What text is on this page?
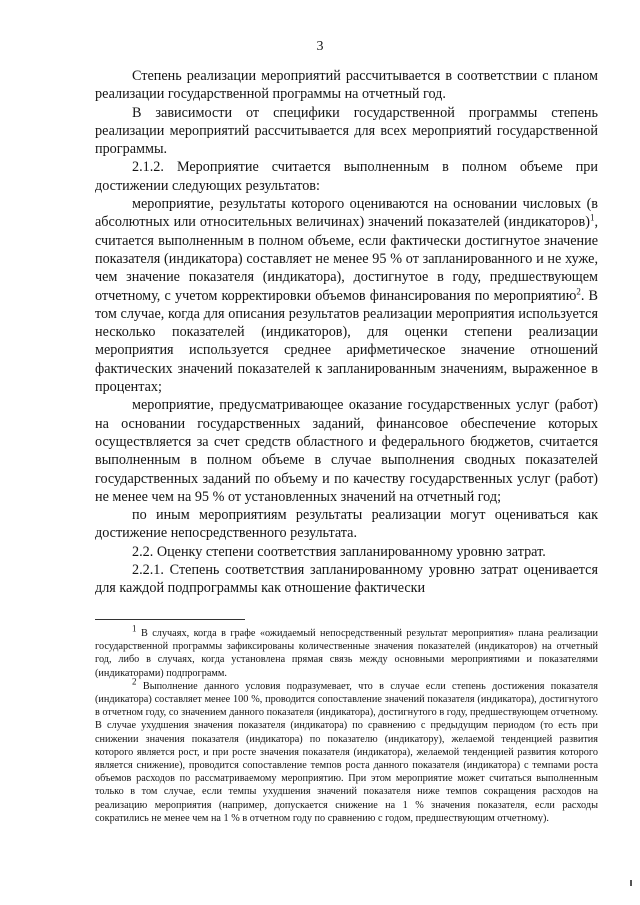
3

Степень реализации мероприятий рассчитывается в соответствии с планом реализации государственной программы на отчетный год.

В зависимости от специфики государственной программы степень реализации мероприятий рассчитывается для всех мероприятий государственной программы.

2.1.2. Мероприятие считается выполненным в полном объеме при достижении следующих результатов:

мероприятие, результаты которого оцениваются на основании числовых (в абсолютных или относительных величинах) значений показателей (индикаторов)$^1$, считается выполненным в полном объеме, если фактически достигнутое значение показателя (индикатора) составляет не менее 95 % от запланированного и не хуже, чем значение показателя (индикатора), достигнутое в году, предшествующем отчетному, с учетом корректировки объемов финансирования по мероприятию$^2$. В том случае, когда для описания результатов реализации мероприятия используется несколько показателей (индикаторов), для оценки степени реализации мероприятия используется среднее арифметическое значение отношений фактических значений показателей к запланированным значениям, выраженное в процентах;

мероприятие, предусматривающее оказание государственных услуг (работ) на основании государственных заданий, финансовое обеспечение которых осуществляется за счет средств областного и федерального бюджетов, считается выполненным в полном объеме в случае выполнения сводных показателей государственных заданий по объему и по качеству государственных услуг (работ) не менее чем на 95 % от установленных значений на отчетный год;

по иным мероприятиям результаты реализации могут оцениваться как достижение непосредственного результата.

2.2. Оценку степени соответствия запланированному уровню затрат.

2.2.1. Степень соответствия запланированному уровню затрат оценивается для каждой подпрограммы как отношение фактически

$^1$ В случаях, когда в графе «ожидаемый непосредственный результат мероприятия» плана реализации государственной программы зафиксированы количественные значения показателей (индикаторов) на отчетный год, либо в случаях, когда установлена прямая связь между основными мероприятиями и показателями (индикаторами) подпрограмм.

$^2$ Выполнение данного условия подразумевает, что в случае если степень достижения показателя (индикатора) составляет менее 100 %, проводится сопоставление значений показателя (индикатора), достигнутого в отчетном году, со значением данного показателя (индикатора), достигнутого в году, предшествующем отчетному. В случае ухудшения значения показателя (индикатора) по сравнению с предыдущим периодом (то есть при снижении значения показателя (индикатора) по показателю (индикатору), желаемой тенденцией развития которого является рост, и при росте значения показателя (индикатора), желаемой тенденцией развития которого является снижение), проводится сопоставление темпов роста данного показателя (индикатора) с темпами роста объемов расходов по рассматриваемому мероприятию. При этом мероприятие может считаться выполненным только в том случае, если темпы ухудшения значений показателя ниже темпов сокращения расходов на реализацию мероприятия (например, допускается снижение на 1 % значения показателя, если расходы сократились не менее чем на 1 % в отчетном году по сравнению с годом, предшествующим отчетному).
